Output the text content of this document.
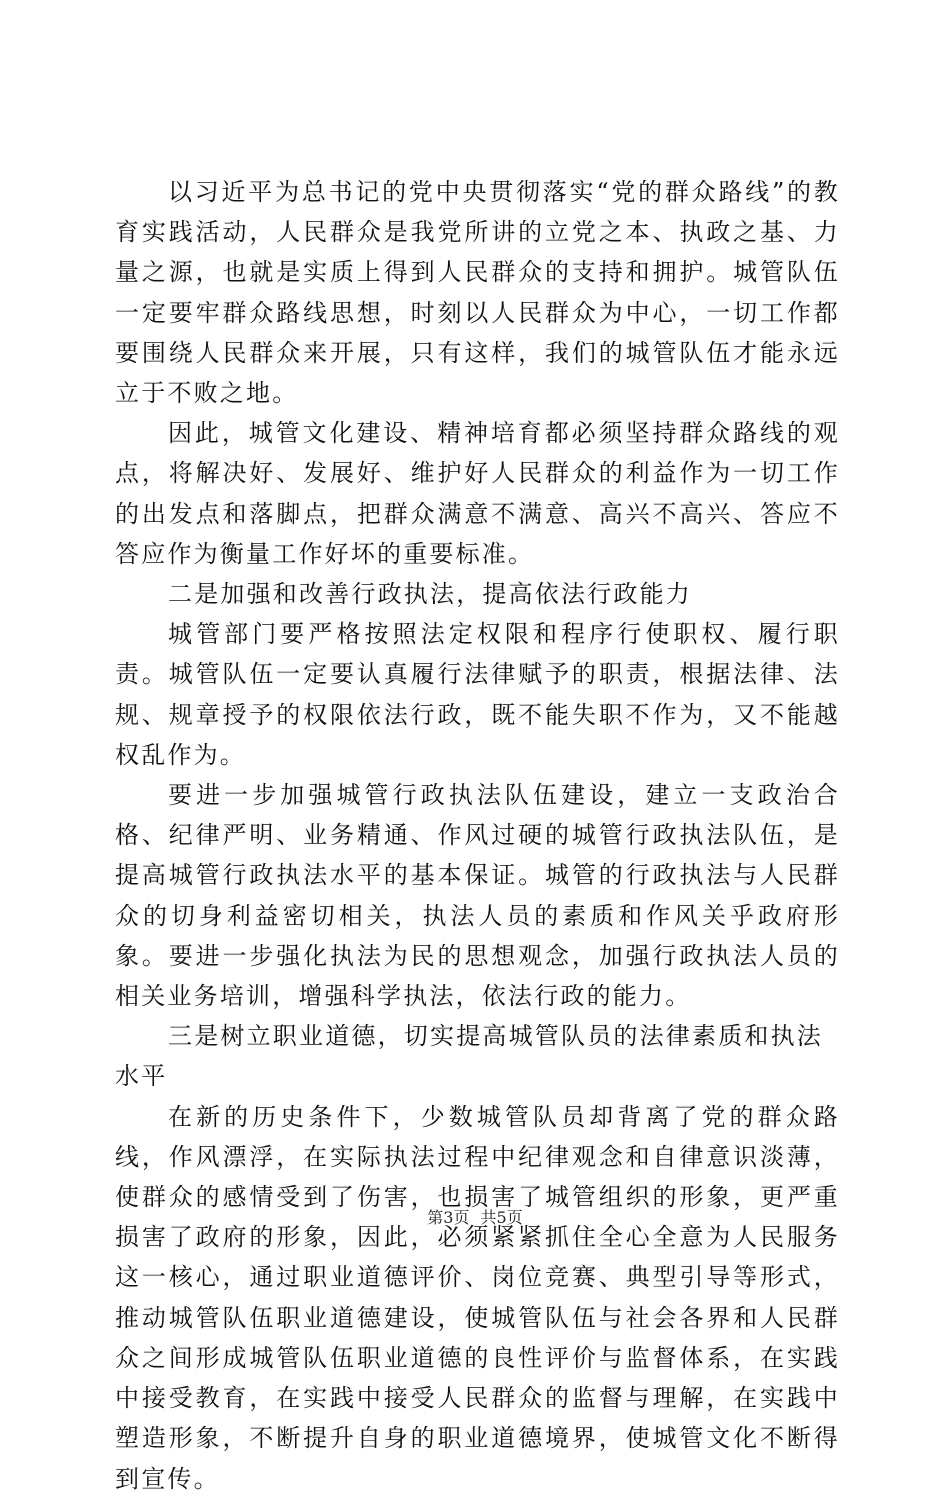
以习近平为总书记的党中央贯彻落实“党的群众路线”的教育实践活动，人民群众是我党所讲的立党之本、执政之基、力量之源，也就是实质上得到人民群众的支持和拥护。城管队伍一定要牢群众路线思想，时刻以人民群众为中心，一切工作都要围绕人民群众来开展，只有这样，我们的城管队伍才能永远立于不败之地。

因此，城管文化建设、精神培育都必须坚持群众路线的观点，将解决好、发展好、维护好人民群众的利益作为一切工作的出发点和落脚点，把群众满意不满意、高兴不高兴、答应不答应作为衡量工作好坏的重要标准。

二是加强和改善行政执法，提高依法行政能力

城管部门要严格按照法定权限和程序行使职权、履行职责。城管队伍一定要认真履行法律赋予的职责，根据法律、法规、规章授予的权限依法行政，既不能失职不作为，又不能越权乱作为。

要进一步加强城管行政执法队伍建设，建立一支政治合格、纪律严明、业务精通、作风过硬的城管行政执法队伍，是提高城管行政执法水平的基本保证。城管的行政执法与人民群众的切身利益密切相关，执法人员的素质和作风关乎政府形象。要进一步强化执法为民的思想观念，加强行政执法人员的相关业务培训，增强科学执法，依法行政的能力。

三是树立职业道德，切实提高城管队员的法律素质和执法水平

在新的历史条件下，少数城管队员却背离了党的群众路线，作风漂浮，在实际执法过程中纪律观念和自律意识淡薄，使群众的感情受到了伤害，也损害了城管组织的形象，更严重损害了政府的形象，因此，必须紧紧抓住全心全意为人民服务这一核心，通过职业道德评价、岗位竞赛、典型引导等形式，推动城管队伍职业道德建设，使城管队伍与社会各界和人民群众之间形成城管队伍职业道德的良性评价与监督体系，在实践中接受教育，在实践中接受人民群众的监督与理解，在实践中塑造形象，不断提升自身的职业道德境界，使城管文化不断得到宣传。

第3页 共5页
